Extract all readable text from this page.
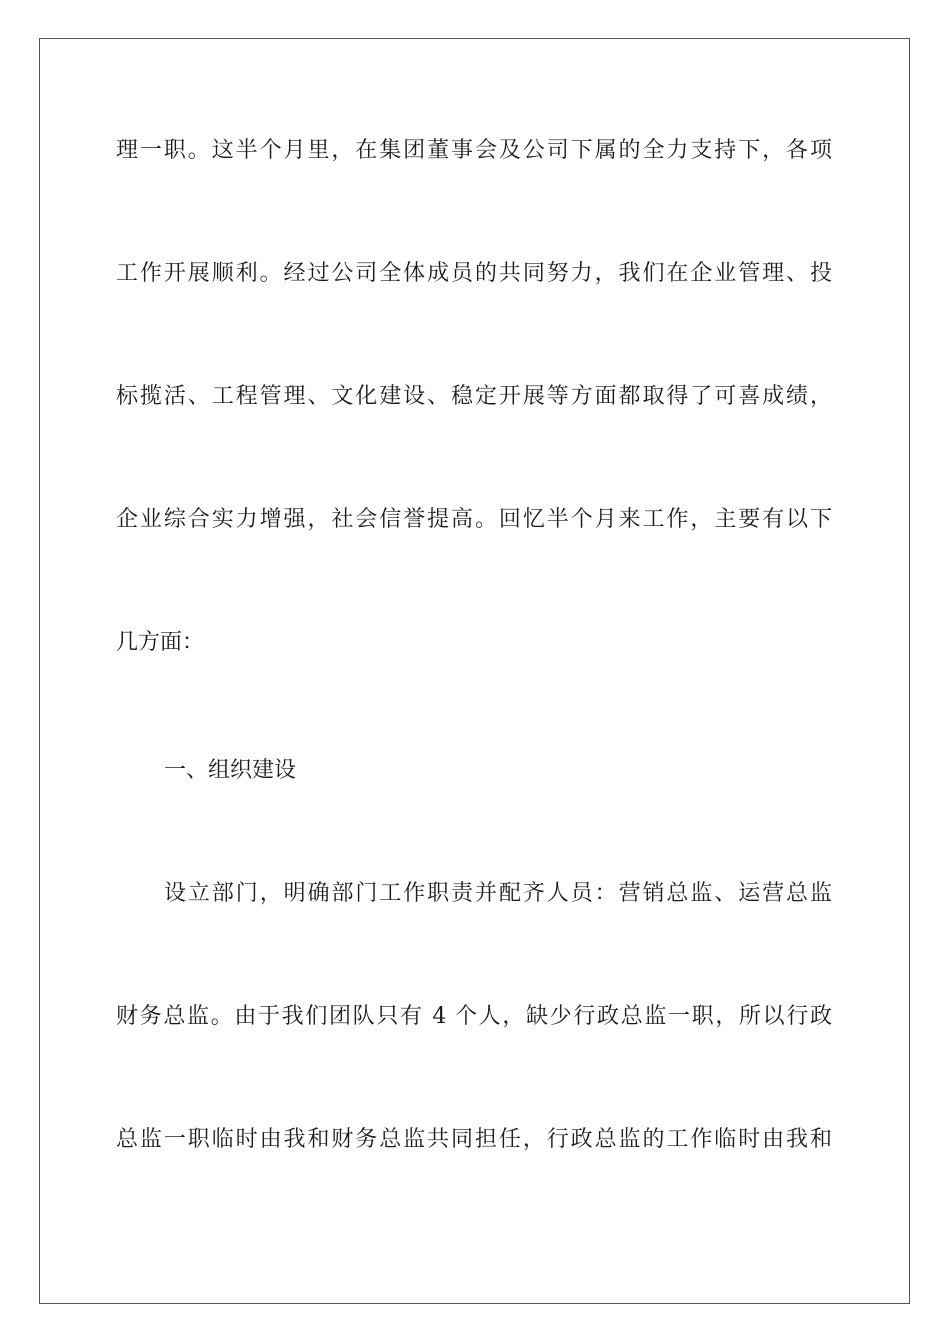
理一职。这半个月里，在集团董事会及公司下属的全力支持下，各项
工作开展顺利。经过公司全体成员的共同努力，我们在企业管理、投
标揽活、工程管理、文化建设、稳定开展等方面都取得了可喜成绩，
企业综合实力增强，社会信誉提高。回忆半个月来工作，主要有以下
几方面：
一、组织建设
设立部门，明确部门工作职责并配齐人员：营销总监、运营总监
财务总监。由于我们团队只有 4 个人，缺少行政总监一职，所以行政
总监一职临时由我和财务总监共同担任，行政总监的工作临时由我和
